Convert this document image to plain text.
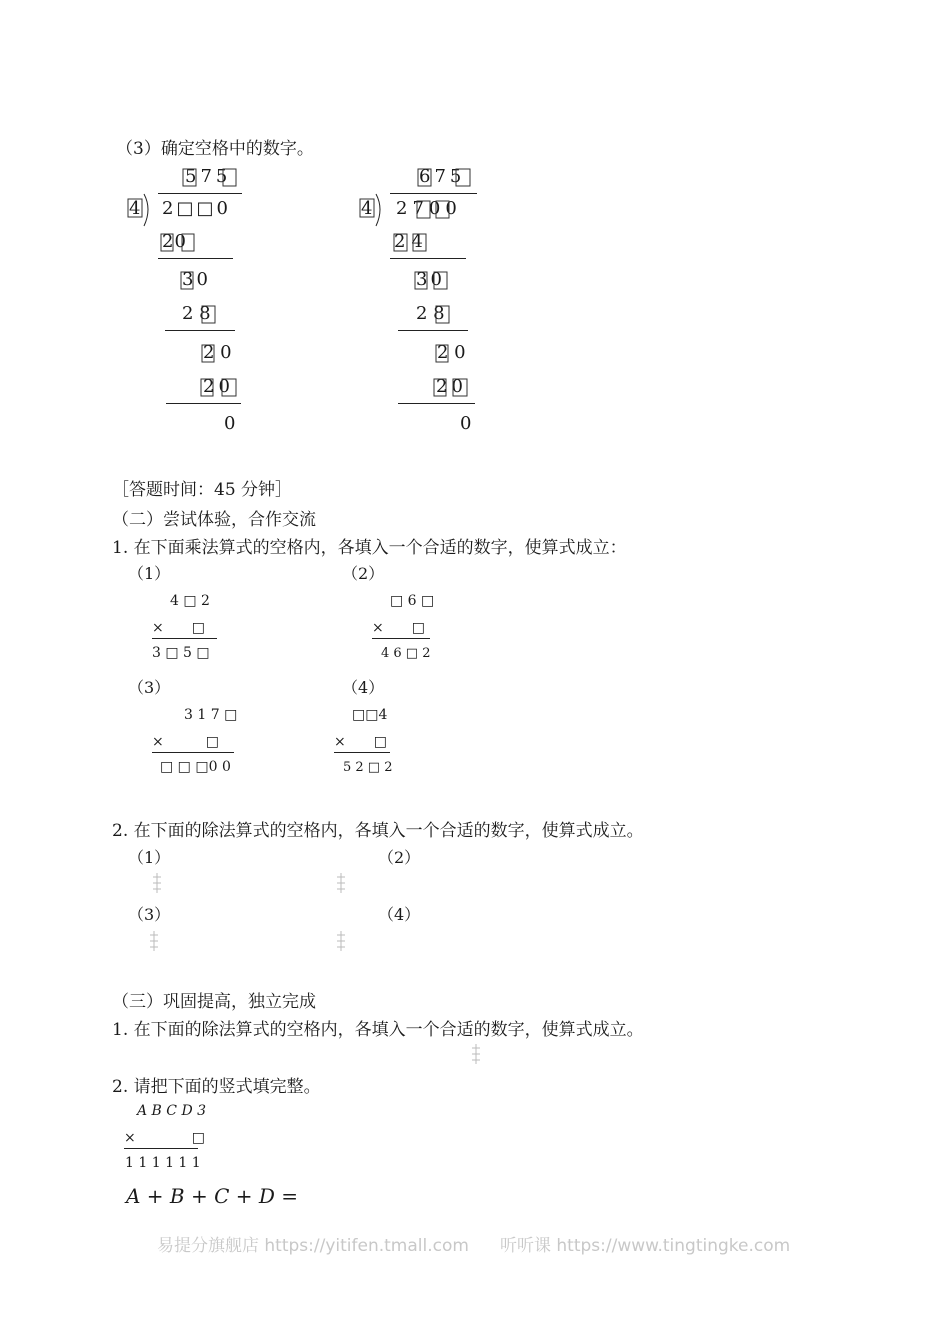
（3）确定空格中的数字。
575
4 2□□0
20
30
2 8
2 0
20
0
675
4 2700
24
30
2 8
2 0
20
0
［答题时间：45 分钟］
（二）尝试体验，合作交流
1. 在下面乘法算式的空格内，各填入一个合适的数字，使算式成立：
（1）
4 □ 2
×　　□
3 □ 5 □
（2）
□ 6 □
×　　□
4 6 □ 2
（3）
3 1 7 □
×　　　□
□ □ □0 0
（4）
□□4
×　　□
5 2 □ 2
2. 在下面的除法算式的空格内，各填入一个合适的数字，使算式成立。
（1）	（2）
（3）	（4）
（三）巩固提高，独立完成
1. 在下面的除法算式的空格内，各填入一个合适的数字，使算式成立。
2. 请把下面的竖式填完整。
A B C D 3
×　　　　□
1 1 1 1 1 1
A + B + C + D =
易提分旗舰店 https://yitifen.tmall.com 听听课 https://www.tingtingke.com
